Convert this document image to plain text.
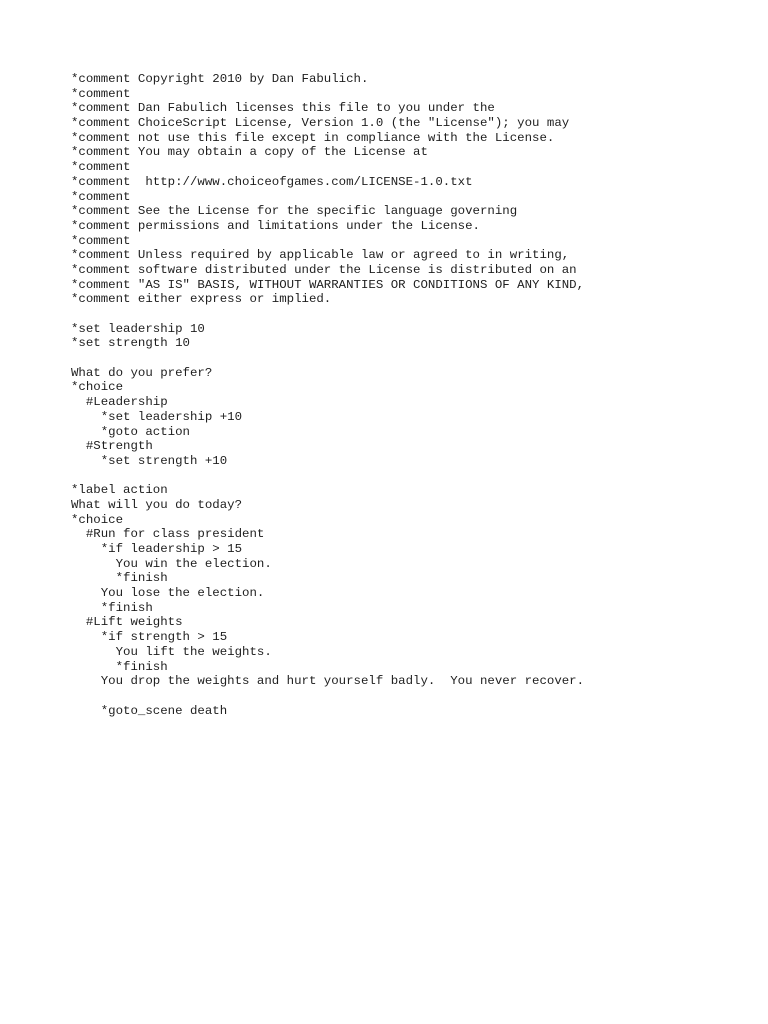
*comment Copyright 2010 by Dan Fabulich.
*comment
*comment Dan Fabulich licenses this file to you under the
*comment ChoiceScript License, Version 1.0 (the "License"); you may
*comment not use this file except in compliance with the License.
*comment You may obtain a copy of the License at
*comment
*comment  http://www.choiceofgames.com/LICENSE-1.0.txt
*comment
*comment See the License for the specific language governing
*comment permissions and limitations under the License.
*comment
*comment Unless required by applicable law or agreed to in writing,
*comment software distributed under the License is distributed on an
*comment "AS IS" BASIS, WITHOUT WARRANTIES OR CONDITIONS OF ANY KIND,
*comment either express or implied.
*set leadership 10
*set strength 10
What do you prefer?
*choice
#Leadership
*set leadership +10
*goto action
#Strength
*set strength +10
*label action
What will you do today?
*choice
#Run for class president
*if leadership > 15
You win the election.
*finish
You lose the election.
*finish
#Lift weights
*if strength > 15
You lift the weights.
*finish
You drop the weights and hurt yourself badly.  You never recover.
*goto_scene death
